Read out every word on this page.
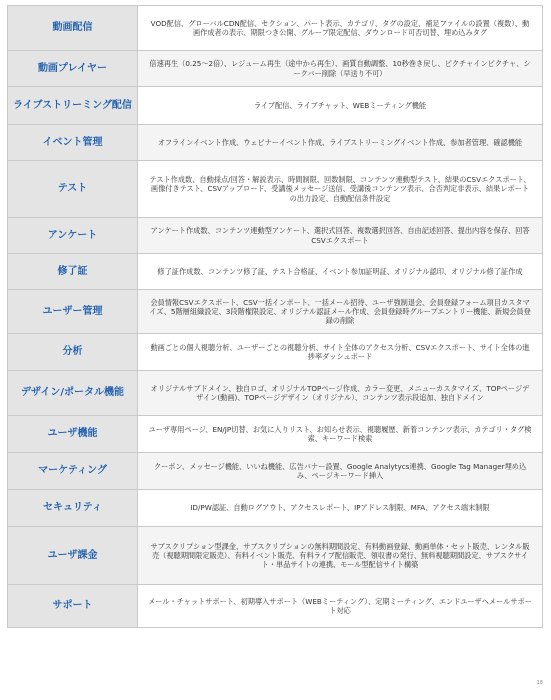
動画配信	VOD配信、グローバルCDN配信、セクション、パート表示、カテゴリ、タグの設定、補足ファイルの設置（複数）、動画作成者の表示、期限つき公開、グループ限定配信、ダウンロード可否切替、埋め込みタグ
動画プレイヤー	倍速再生（0.25〜2倍）、レジューム再生（途中から再生）、画質自動調整、10秒巻き戻し、ピクチャインピクチャ、シークバー削除（早送り不可）
ライブストリーミング配信	ライブ配信、ライブチャット、WEBミーティング機能
イベント管理	オフラインイベント作成、ウェビナーイベント作成、ライブストリーミングイベント作成、参加者管理、確認機能
テスト	テスト作成数、自動採点/回答・解説表示、時間制限、回数制限、コンテンツ連動型テスト、結果のCSVエクスポート、画像付きテスト、CSVアップロード、受講後メッセージ送信、受講後コンテンツ表示、合否判定非表示、結果レポートの出力設定、自動配信条件設定
アンケート	アンケート作成数、コンテンツ連動型アンケート、選択式回答、複数選択回答、自由記述回答、提出内容を保存、回答CSVエクスポート
修了証	修了証作成数、コンテンツ修了証、テスト合格証、イベント参加証明証、オリジナル認印、オリジナル修了証作成
ユーザー管理	会員情報CSVエクスポート、CSV一括インポート、一括メール招待、ユーザ強制退会、会員登録フォーム項目カスタマイズ、5階層組織設定、3段階権限設定、オリジナル認証メール作成、会員登録時グループエントリー機能、新規会員登録の削除
分析	動画ごとの個人視聴分析、ユーザーごとの視聴分析、サイト全体のアクセス分析、CSVエクスポート、サイト全体の進捗率ダッシュボード
デザイン/ポータル機能	オリジナルサブドメイン、独自ロゴ、オリジナルTOPページ作成、カラー変更、メニューカスタマイズ、TOPページデザイン(動画)、TOPページデザイン（オリジナル）、コンテンツ表示段追加、独自ドメイン
ユーザ機能	ユーザ専用ページ、EN/JP切替、お気に入りリスト、お知らせ表示、視聴履歴、新着コンテンツ表示、カテゴリ・タグ検索、キーワード検索
マーケティング	クーポン、メッセージ機能、いいね機能、広告バナー設置、Google Analytycs連携、Google Tag Manager埋め込み、ページキーワード挿入
セキュリティ	ID/PW認証、自動ログアウト、アクセスレポート、IPアドレス制限、MFA、アクセス端末制限
ユーザ課金	サブスクリプション型課金、サブスクリプションの無料期間設定、有料動画登録、動画単体・セット販売、レンタル販売（視聴期間限定販売）、有料イベント販売、有料ライブ配信販売、領収書の発行、無料視聴期間設定、サブスクサイト・単品サイトの連携、モール型配信サイト構築
サポート	メール・チャットサポート、初期導入サポート（WEBミーティング）、定期ミーティング、エンドユーザへメールサポート対応
18
